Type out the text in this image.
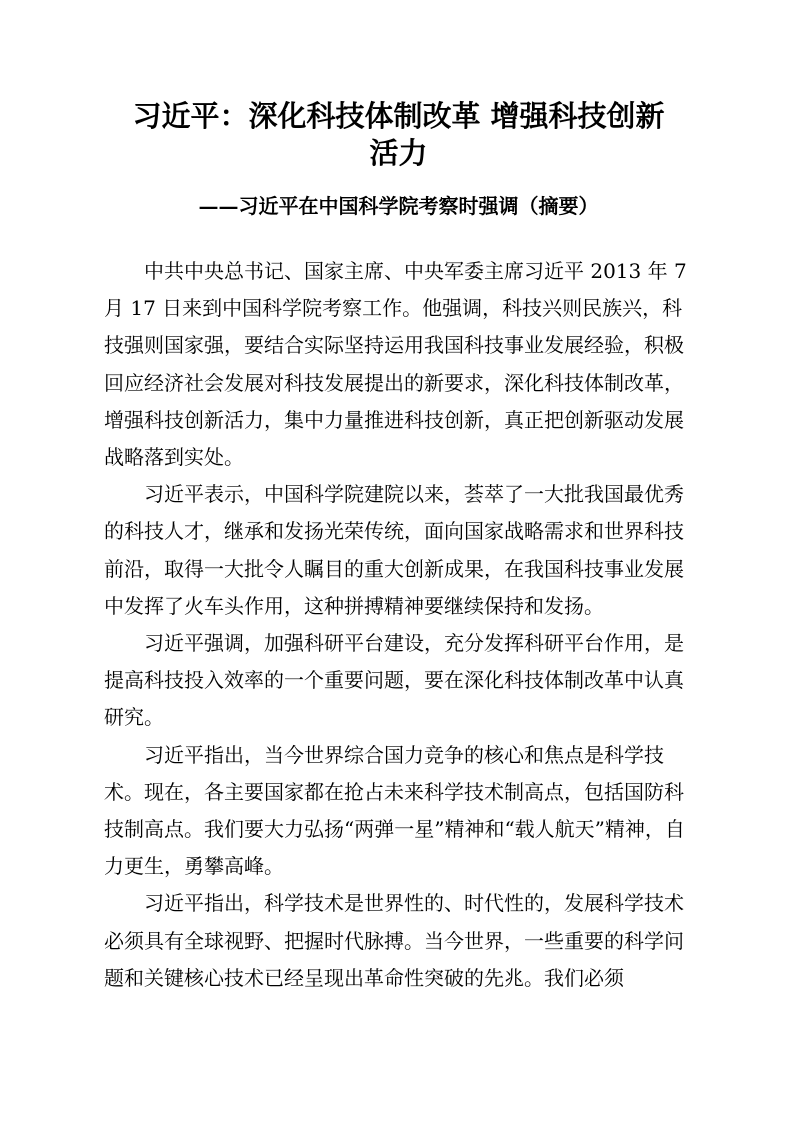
习近平：深化科技体制改革 增强科技创新活力
——习近平在中国科学院考察时强调（摘要）

中共中央总书记、国家主席、中央军委主席习近平 2013 年 7 月 17 日来到中国科学院考察工作。他强调，科技兴则民族兴，科技强则国家强，要结合实际坚持运用我国科技事业发展经验，积极回应经济社会发展对科技发展提出的新要求，深化科技体制改革，增强科技创新活力，集中力量推进科技创新，真正把创新驱动发展战略落到实处。

习近平表示，中国科学院建院以来，荟萃了一大批我国最优秀的科技人才，继承和发扬光荣传统，面向国家战略需求和世界科技前沿，取得一大批令人瞩目的重大创新成果，在我国科技事业发展中发挥了火车头作用，这种拼搏精神要继续保持和发扬。

习近平强调，加强科研平台建设，充分发挥科研平台作用，是提高科技投入效率的一个重要问题，要在深化科技体制改革中认真研究。

习近平指出，当今世界综合国力竞争的核心和焦点是科学技术。现在，各主要国家都在抢占未来科学技术制高点，包括国防科技制高点。我们要大力弘扬“两弹一星”精神和“载人航天”精神，自力更生，勇攀高峰。

习近平指出，科学技术是世界性的、时代性的，发展科学技术必须具有全球视野、把握时代脉搏。当今世界，一些重要的科学问题和关键核心技术已经呈现出革命性突破的先兆。我们必须
